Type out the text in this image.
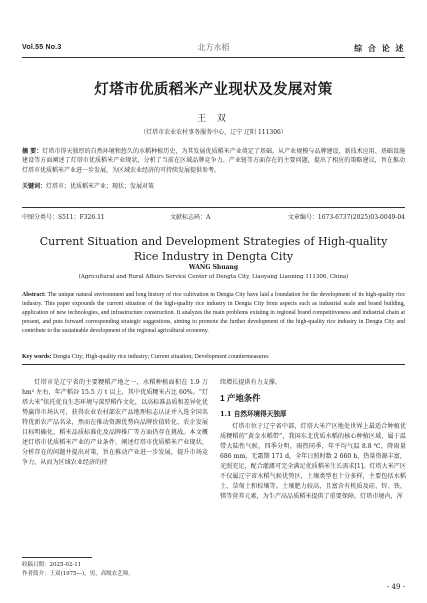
Vol.55 No.3	北方水稻	综 合 论 述
灯塔市优质稻米产业现状及发展对策
王 双
（灯塔市农业农村事务服务中心，辽宁 辽阳 111306）
摘 要：灯塔市得天独厚的自然环境和悠久的水稻种植历史，为其发展优质稻米产业奠定了基础。从产业规模与品牌建设、新技术应用、基础设施建设等方面阐述了灯塔市优质稻米产业现状，分析了当前在区域品牌竞争力、产业链等方面存在的主要问题，提出了相应的策略建议，旨在推动灯塔市优质稻米产业进一步发展，为区域农业经济的可持续发展提供参考。
关键词：灯塔市；优质稻米产业；现状；发展对策
中图分类号：S511；F326.11	文献标志码：A	文章编号：1673-6737(2025)03-0049-04
Current Situation and Development Strategies of High-quality Rice Industry in Dengta City
WANG Shuang
(Agricultural and Rural Affairs Service Center of Dengta City, Liaoyang Liaoning 111306, China)
Abstract: The unique natural environment and long history of rice cultivation in Dengta City have laid a foundation for the development of its high-quality rice industry. This paper expounds the current situation of the high-quality rice industry in Dengta City from aspects such as industrial scale and brand building, application of new technologies, and infrastructure construction. It analyzes the main problems existing in regional brand competitiveness and industrial chain at present, and puts forward corresponding strategic suggestions, aiming to promote the further development of the high-quality rice industry in Dengta City and contribute to the sustainable development of the regional agricultural economy.
Key words: Dengta City; High-quality rice industry; Current situation; Development countermeasures

灯塔市是辽宁省的主要粳稻产地之一，水稻种植面积在 1.9 万 hm² 左右，年产稻谷 15.5 万 t 以上，其中优质粳米占比 60%。“灯塔大米”依托优良生态环境与深厚稻作文化，以高标准品质和差异化优势赢得市场认可，获得农业农村部农产品地理标志认证并入选全国名特优新农产品名录，然而在推动资源优势向品牌价值转化、农企发展目标明确化、稻米品质标准化及品牌推广等方面仍存在挑战。本文概述灯塔市优质稻米产业的产业条件，阐述灯塔市优质稻米产业现状，分析存在的问题并提出对策，旨在推动产业进一步发展，提升市场竞争力，从而为区域农业经济的持

续增长提供有力支撑。

1 产地条件
1.1 自然环境得天独厚

灯塔市位于辽宁省中部，灯塔大米产区地处世界上最适合种植优质粳稻的“黄金水稻带”，我国东北优质水稻的核心种植区域，属于温带大陆性气候，四季分明，雨热同季，年平均气温 8.8 ℃，降雨量 686 mm，无霜期 171 d，全年日照时数 2 660 h，热量资源丰富，光照充足，配合灌溉可完全满足优质稻米生长需求[1]。灯塔大米产区不仅属辽宁省水稻气候优势区，土壤类型也十分多样，主要包括水稻土、草甸土和棕壤等。土壤肥力较高，且富含有机质及硅、锌、铁、镁等营养元素，为生产高品质稻米提供了重要保障。灯塔市境内，浑

收稿日期：2025-02-11
作者简介：王双(1975—)，男，高级农艺师。
- 49 -
